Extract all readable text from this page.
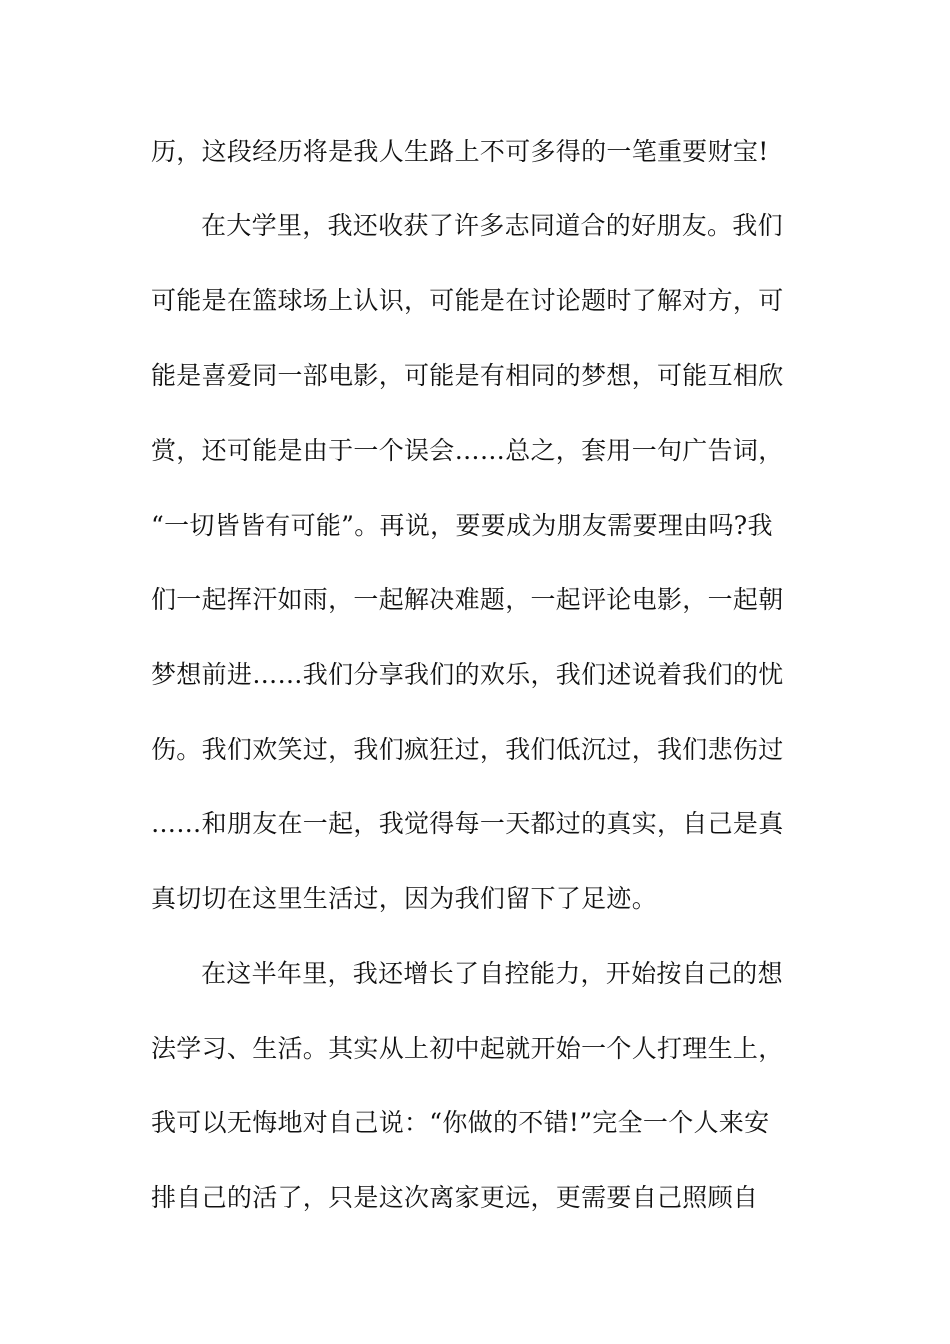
历，这段经历将是我人生路上不可多得的一笔重要财宝!
在大学里，我还收获了许多志同道合的好朋友。我们
可能是在篮球场上认识，可能是在讨论题时了解对方，可
能是喜爱同一部电影，可能是有相同的梦想，可能互相欣
赏，还可能是由于一个误会……总之，套用一句广告词，
“一切皆皆有可能”。再说，要要成为朋友需要理由吗?我
们一起挥汗如雨，一起解决难题，一起评论电影，一起朝
梦想前进……我们分享我们的欢乐，我们述说着我们的忧
伤。我们欢笑过，我们疯狂过，我们低沉过，我们悲伤过
……和朋友在一起，我觉得每一天都过的真实，自己是真
真切切在这里生活过，因为我们留下了足迹。
在这半年里，我还增长了自控能力，开始按自己的想
法学习、生活。其实从上初中起就开始一个人打理生上，
我可以无悔地对自己说：“你做的不错!”完全一个人来安
排自己的活了，只是这次离家更远，更需要自己照顾自
